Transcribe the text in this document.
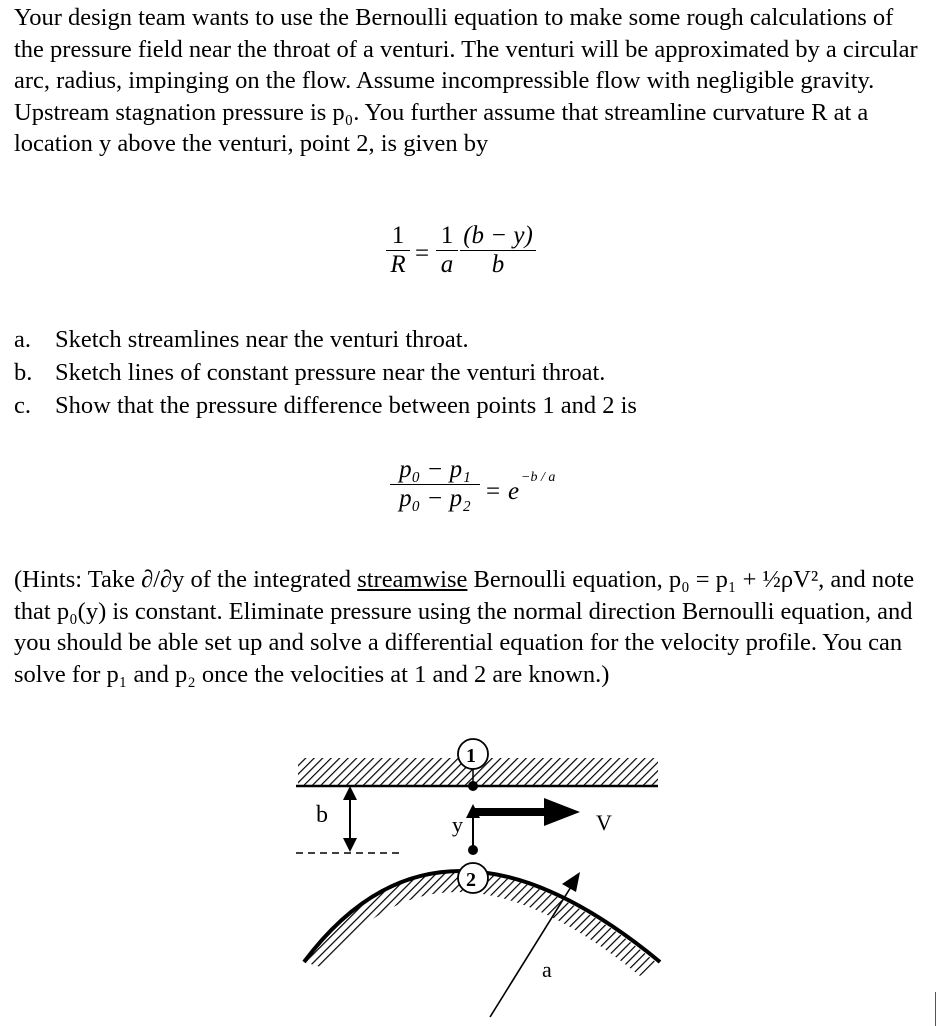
Your design team wants to use the Bernoulli equation to make some rough calculations of the pressure field near the throat of a venturi. The venturi will be approximated by a circular arc, radius, impinging on the flow. Assume incompressible flow with negligible gravity. Upstream stagnation pressure is p₀. You further assume that streamline curvature R at a location y above the venturi, point 2, is given by

1
R =
1
a
(b − y)
b
a. Sketch streamlines near the venturi throat.
b. Sketch lines of constant pressure near the venturi throat.
c. Show that the pressure difference between points 1 and 2 is
p₀ − p₁
p₀ − p₂ = e
−b / a

(Hints: Take ∂/∂y of the integrated streamwise Bernoulli equation, p₀ = p₁ + ½ρV², and note that p₀(y) is constant. Eliminate pressure using the normal direction Bernoulli equation, and you should be able set up and solve a differential equation for the velocity profile. You can solve for p₁ and p₂ once the velocities at 1 and 2 are known.)

b	y	V
1
2
a
